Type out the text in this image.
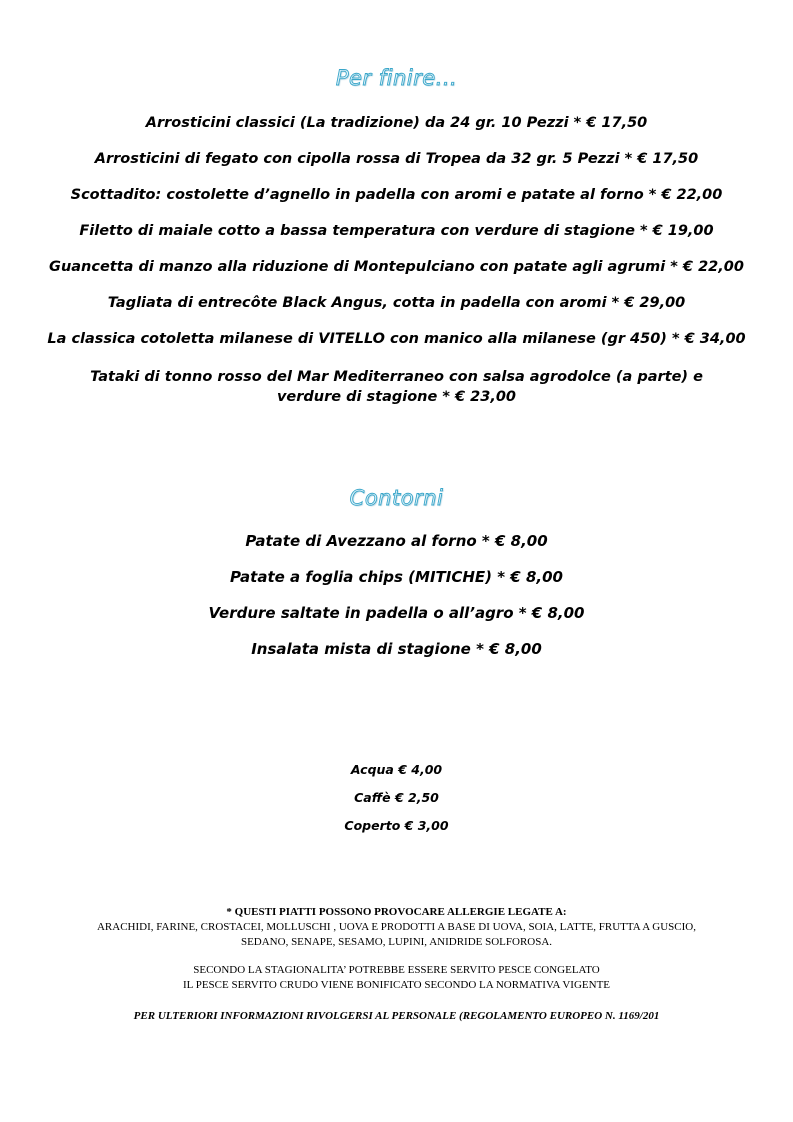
Per finire...
Arrosticini classici (La tradizione) da 24 gr. 10 Pezzi * € 17,50
Arrosticini di fegato con cipolla rossa di Tropea da 32 gr. 5 Pezzi * € 17,50
Scottadito: costolette d’agnello in padella con aromi e patate al forno * € 22,00
Filetto di maiale cotto a bassa temperatura con verdure di stagione * € 19,00
Guancetta di manzo alla riduzione di Montepulciano con patate agli agrumi * € 22,00
Tagliata di entrecôte Black Angus, cotta in padella con aromi * € 29,00
La classica cotoletta milanese di VITELLO con manico alla milanese (gr 450) * € 34,00
Tataki di tonno rosso del Mar Mediterraneo con salsa agrodolce (a parte) e verdure di stagione * € 23,00
Contorni
Patate di Avezzano al forno * € 8,00
Patate a foglia chips (MITICHE) * € 8,00
Verdure saltate in padella o all’agro * € 8,00
Insalata mista di stagione * € 8,00
Acqua € 4,00
Caffè € 2,50
Coperto € 3,00
* QUESTI PIATTI POSSONO PROVOCARE ALLERGIE LEGATE A:
ARACHIDI, FARINE, CROSTACEI, MOLLUSCHI , UOVA E PRODOTTI A BASE DI UOVA, SOIA, LATTE, FRUTTA A GUSCIO,
SEDANO, SENAPE, SESAMO, LUPINI, ANIDRIDE SOLFOROSA.
SECONDO LA STAGIONALITA’ POTREBBE ESSERE SERVITO PESCE CONGELATO
IL PESCE SERVITO CRUDO VIENE BONIFICATO SECONDO LA NORMATIVA VIGENTE
PER ULTERIORI INFORMAZIONI RIVOLGERSI AL PERSONALE (REGOLAMENTO EUROPEO N. 1169/201
